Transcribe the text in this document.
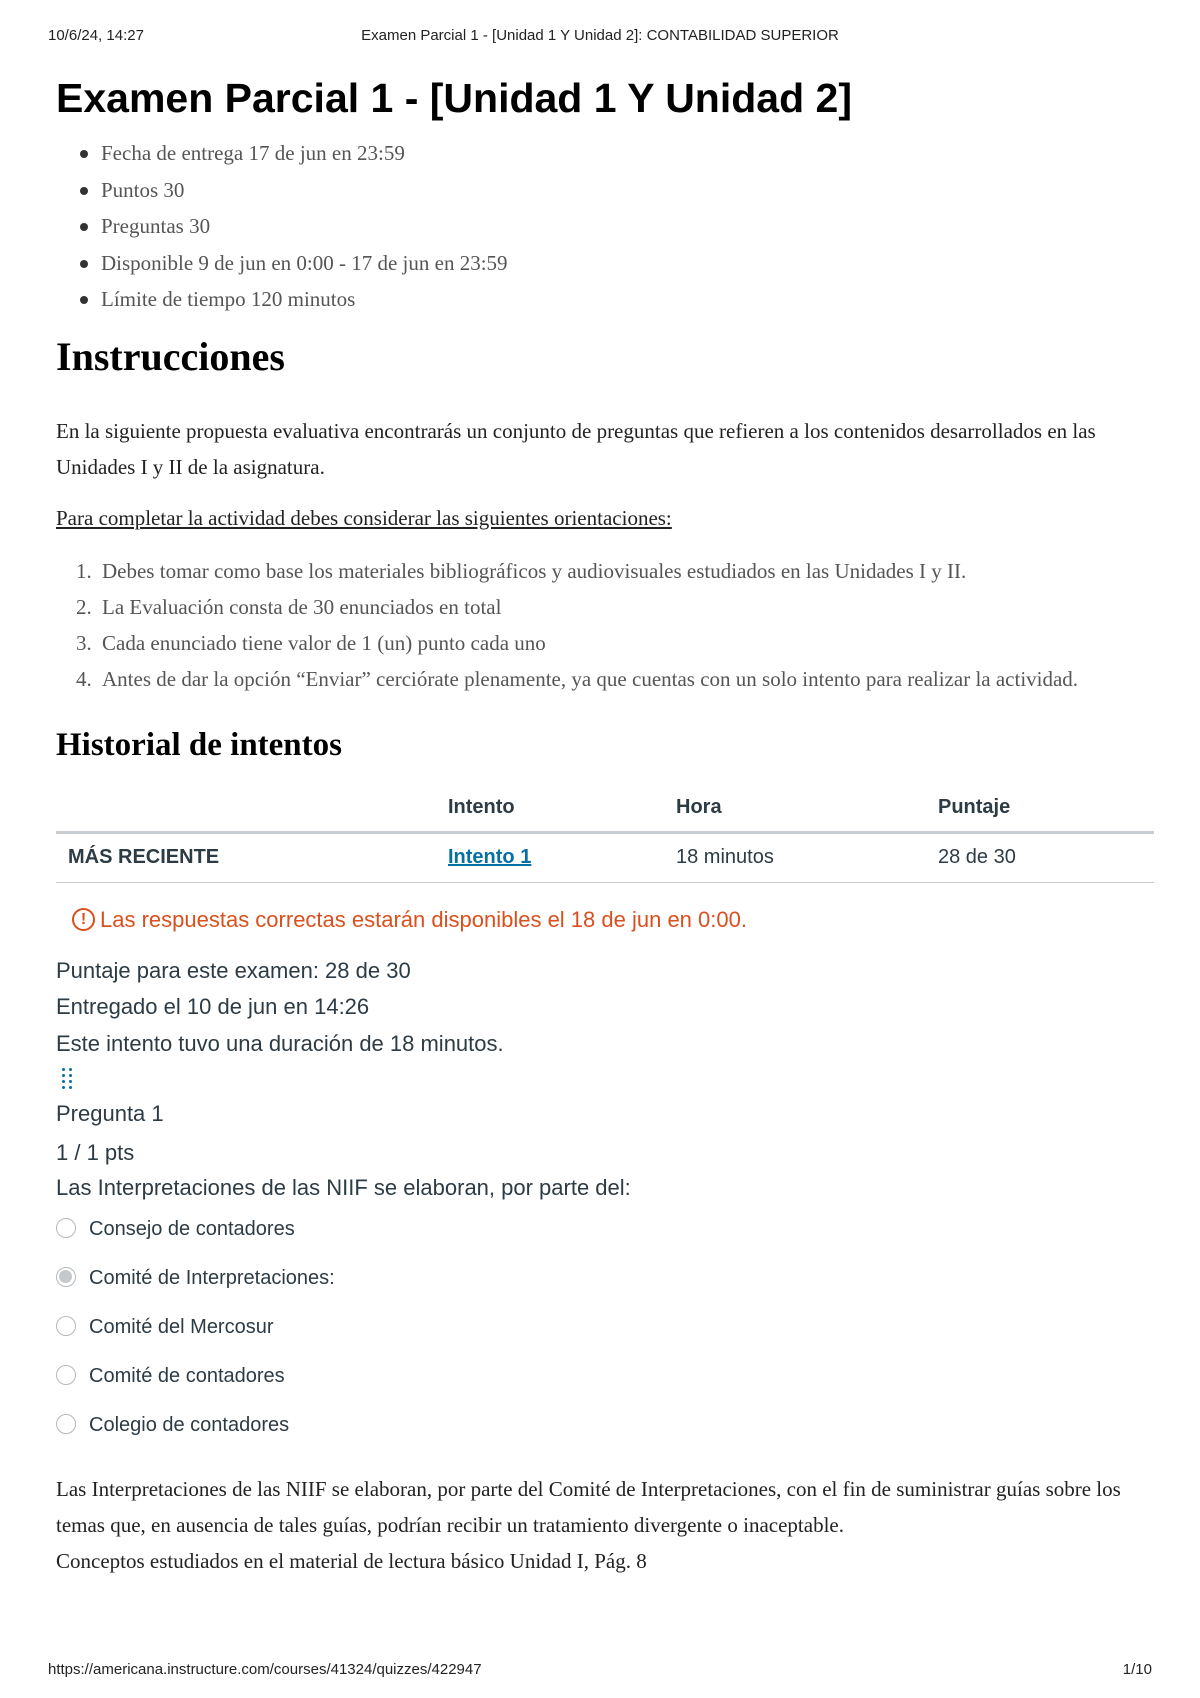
10/6/24, 14:27	Examen Parcial 1 - [Unidad 1 Y Unidad 2]: CONTABILIDAD SUPERIOR
Examen Parcial 1 - [Unidad 1 Y Unidad 2]
Fecha de entrega 17 de jun en 23:59
Puntos 30
Preguntas 30
Disponible 9 de jun en 0:00 - 17 de jun en 23:59
Límite de tiempo 120 minutos
Instrucciones

En la siguiente propuesta evaluativa encontrarás un conjunto de preguntas que refieren a los contenidos desarrollados en las Unidades I y II de la asignatura.

Para completar la actividad debes considerar las siguientes orientaciones:

1. Debes tomar como base los materiales bibliográficos y audiovisuales estudiados en las Unidades I y II.
2. La Evaluación consta de 30 enunciados en total
3. Cada enunciado tiene valor de 1 (un) punto cada uno
4. Antes de dar la opción “Enviar” cerciórate plenamente, ya que cuentas con un solo intento para realizar la actividad.
Historial de intentos
	Intento	Hora	Puntaje
MÁS RECIENTE	Intento 1	18 minutos	28 de 30
! Las respuestas correctas estarán disponibles el 18 de jun en 0:00.
Puntaje para este examen: 28 de 30
Entregado el 10 de jun en 14:26
Este intento tuvo una duración de 18 minutos.
Pregunta 1
1 / 1 pts
Las Interpretaciones de las NIIF se elaboran, por parte del:
Consejo de contadores
Comité de Interpretaciones:
Comité del Mercosur
Comité de contadores
Colegio de contadores
Las Interpretaciones de las NIIF se elaboran, por parte del Comité de Interpretaciones, con el fin de suministrar guías sobre los temas que, en ausencia de tales guías, podrían recibir un tratamiento divergente o inaceptable.
Conceptos estudiados en el material de lectura básico Unidad I, Pág. 8
https://americana.instructure.com/courses/41324/quizzes/422947	1/10
